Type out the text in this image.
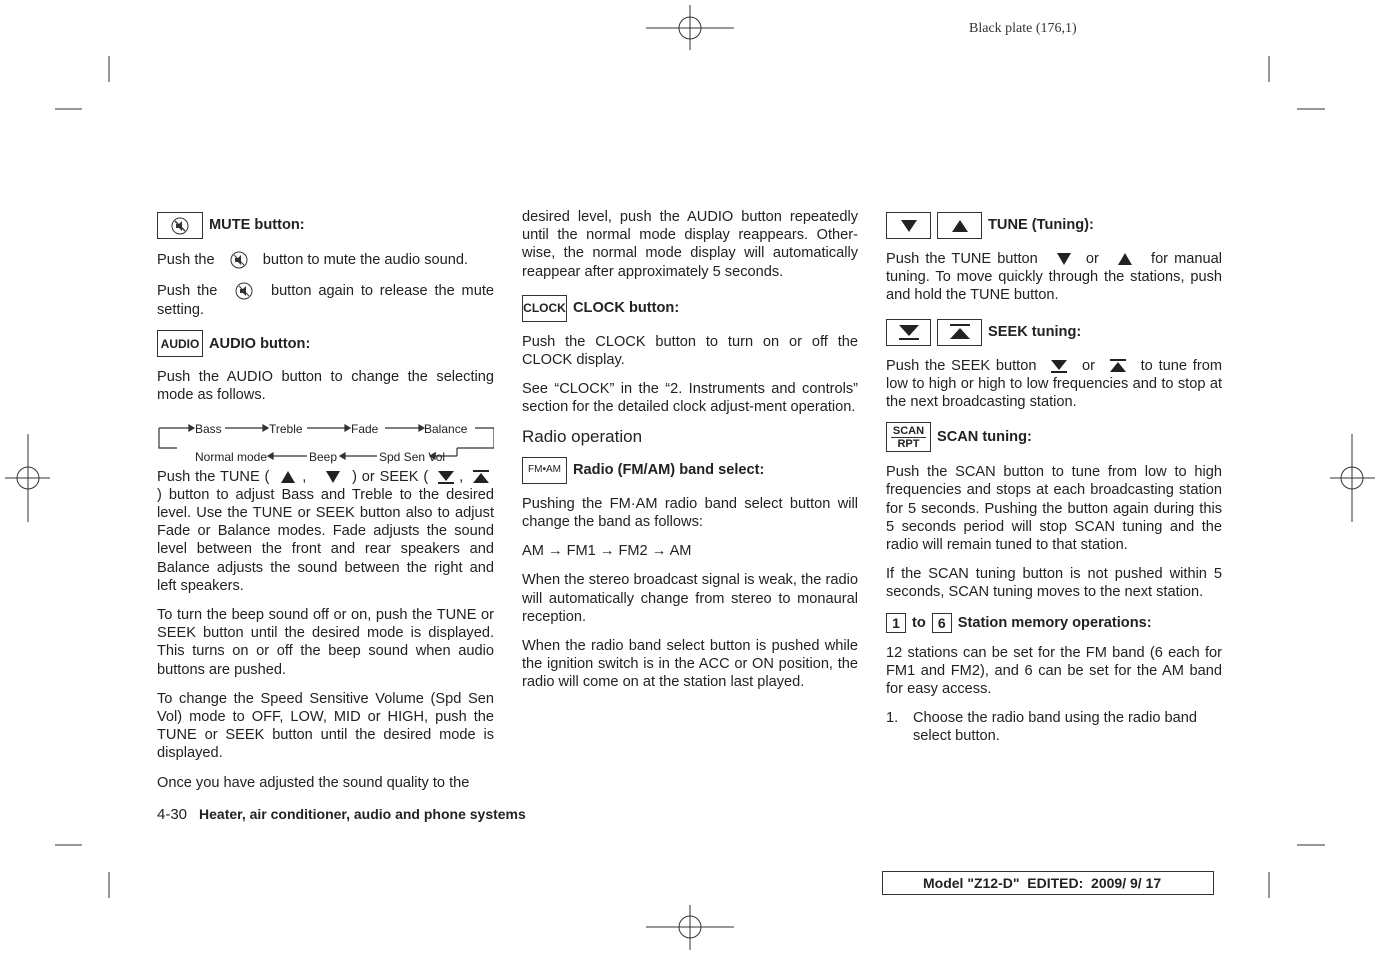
Black plate (176,1)
MUTE button:

Push the	button to mute the audio sound.

Push the	button again to release the mute setting.

AUDIO AUDIO button:

Push the AUDIO button to change the selecting mode as follows.

Bass	Treble	Fade	Balance
Normal mode	Beep	Spd Sen Vol

Push the TUNE ( ,	) or SEEK ( ,  ) button to adjust Bass and Treble to the desired level. Use the TUNE or SEEK button also to adjust Fade or Balance modes. Fade adjusts the sound level between the front and rear speakers and Balance adjusts the sound between the right and left speakers.

To turn the beep sound off or on, push the TUNE or SEEK button until the desired mode is displayed. This turns on or off the beep sound when audio buttons are pushed.

To change the Speed Sensitive Volume (Spd Sen Vol) mode to OFF, LOW, MID or HIGH, push the TUNE or SEEK button until the desired mode is displayed.

Once you have adjusted the sound quality to the

desired level, push the AUDIO button repeatedly until the normal mode display reappears. Other-wise, the normal mode display will automatically reappear after approximately 5 seconds.

CLOCK CLOCK button:

Push the CLOCK button to turn on or off the CLOCK display.

See “CLOCK” in the “2. Instruments and controls” section for the detailed clock adjust-ment operation.

Radio operation
FM•AM Radio (FM/AM) band select:

Pushing the FM·AM radio band select button will change the band as follows:

AM → FM1 → FM2 → AM

When the stereo broadcast signal is weak, the radio will automatically change from stereo to monaural reception.

When the radio band select button is pushed while the ignition switch is in the ACC or ON position, the radio will come on at the station last played.

TUNE (Tuning):

Push the TUNE button	or	for manual tuning. To move quickly through the stations, push and hold the TUNE button.

SEEK tuning:

Push the SEEK button	or	to tune from low to high or high to low frequencies and to stop at the next broadcasting station.

SCAN
RPT	SCAN tuning:

Push the SCAN button to tune from low to high frequencies and stops at each broadcasting station for 5 seconds. Pushing the button again during this 5 seconds period will stop SCAN tuning and the radio will remain tuned to that station.

If the SCAN tuning button is not pushed within 5 seconds, SCAN tuning moves to the next station.

1 to 6 Station memory operations:

12 stations can be set for the FM band (6 each for FM1 and FM2), and 6 can be set for the AM band for easy access.

1.	Choose the radio band using the radio band select button.
4-30 Heater, air conditioner, audio and phone systems
Model "Z12-D"  EDITED:  2009/ 9/ 17
